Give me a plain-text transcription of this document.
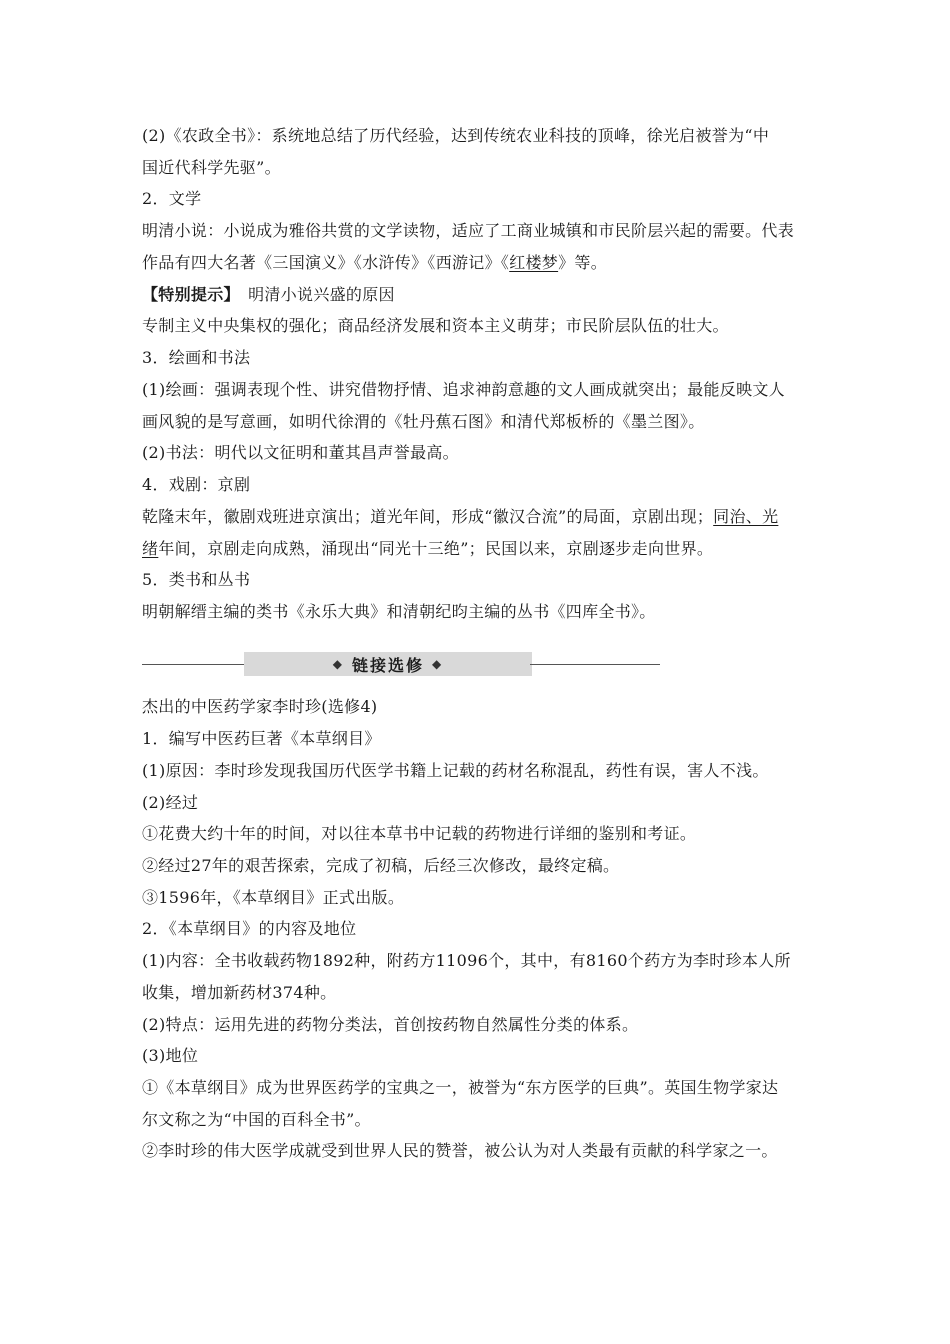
(2)《农政全书》：系统地总结了历代经验，达到传统农业科技的顶峰，徐光启被誉为“中
国近代科学先驱”。
2．文学
明清小说：小说成为雅俗共赏的文学读物，适应了工商业城镇和市民阶层兴起的需要。代表
作品有四大名著《三国演义》《水浒传》《西游记》《红楼梦》等。
【特别提示】　明清小说兴盛的原因
专制主义中央集权的强化；商品经济发展和资本主义萌芽；市民阶层队伍的壮大。
3．绘画和书法
(1)绘画：强调表现个性、讲究借物抒情、追求神韵意趣的文人画成就突出；最能反映文人
画风貌的是写意画，如明代徐渭的《牡丹蕉石图》和清代郑板桥的《墨兰图》。
(2)书法：明代以文征明和董其昌声誉最高。
4．戏剧：京剧
乾隆末年，徽剧戏班进京演出；道光年间，形成“徽汉合流”的局面，京剧出现；同治、光
绪年间，京剧走向成熟，涌现出“同光十三绝”；民国以来，京剧逐步走向世界。
5．类书和丛书
明朝解缙主编的类书《永乐大典》和清朝纪昀主编的丛书《四库全书》。
◆ 链接选修 ◆
杰出的中医药学家李时珍(选修4)
1．编写中医药巨著《本草纲目》
(1)原因：李时珍发现我国历代医学书籍上记载的药材名称混乱，药性有误，害人不浅。
(2)经过
①花费大约十年的时间，对以往本草书中记载的药物进行详细的鉴别和考证。
②经过27年的艰苦探索，完成了初稿，后经三次修改，最终定稿。
③1596年，《本草纲目》正式出版。
2．《本草纲目》的内容及地位
(1)内容：全书收载药物1892种，附药方11096个，其中，有8160个药方为李时珍本人所
收集，增加新药材374种。
(2)特点：运用先进的药物分类法，首创按药物自然属性分类的体系。
(3)地位
①《本草纲目》成为世界医药学的宝典之一，被誉为“东方医学的巨典”。英国生物学家达
尔文称之为“中国的百科全书”。
②李时珍的伟大医学成就受到世界人民的赞誉，被公认为对人类最有贡献的科学家之一。
